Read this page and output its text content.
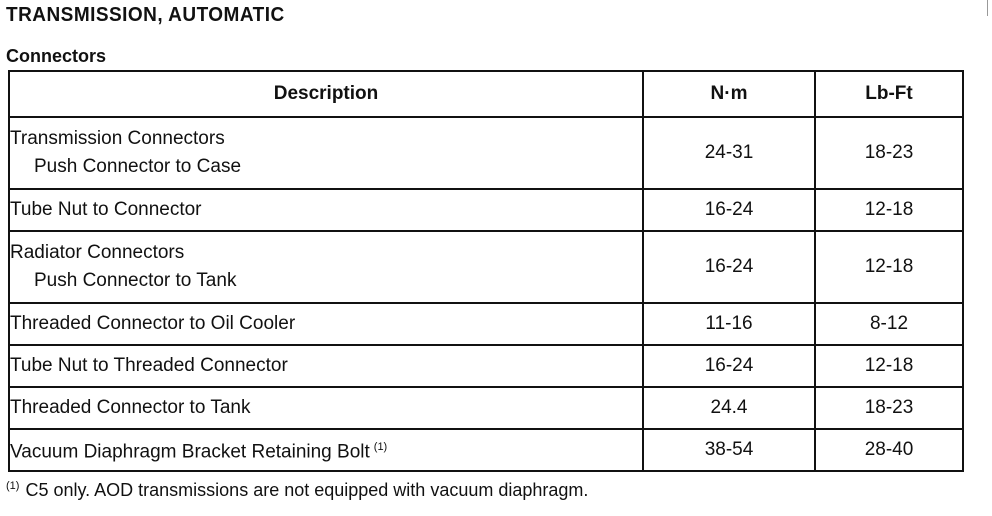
TRANSMISSION, AUTOMATIC
Connectors
Description	N·m	Lb-Ft

Transmission Connectors
Push Connector to Case	24-31	18-23
Tube Nut to Connector	16-24	12-18

Radiator Connectors
Push Connector to Tank	16-24	12-18
Threaded Connector to Oil Cooler	11-16	8-12
Tube Nut to Threaded Connector	16-24	12-18
Threaded Connector to Tank	24.4	18-23
Vacuum Diaphragm Bracket Retaining Bolt $^{(1)}$	38-54	28-40
$^{(1)}$ C5 only. AOD transmissions are not equipped with vacuum diaphragm.
